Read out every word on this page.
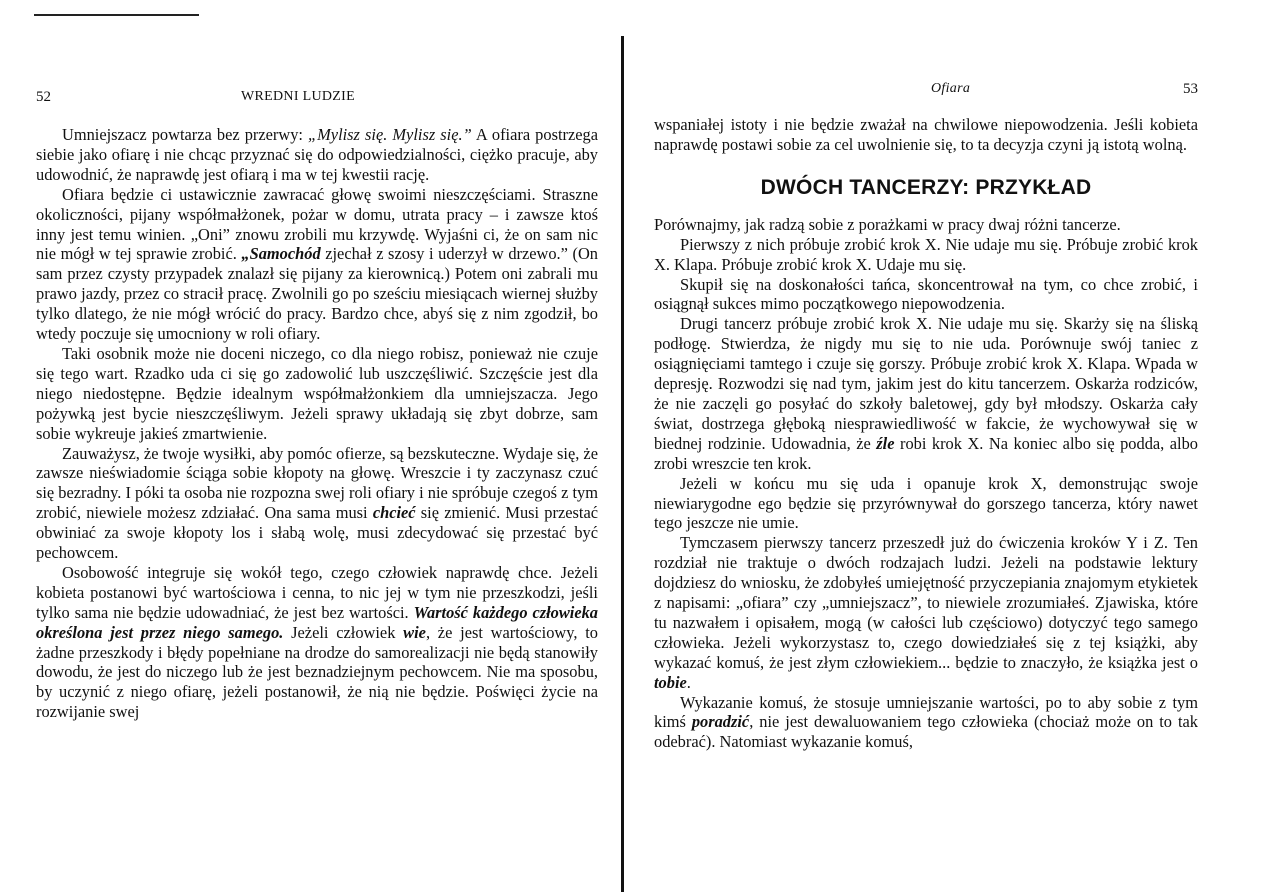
52	WREDNI LUDZIE

Umniejszacz powtarza bez przerwy: „Mylisz się. Mylisz się.” A ofiara postrzega siebie jako ofiarę i nie chcąc przyznać się do odpowiedzialności, ciężko pracuje, aby udowodnić, że naprawdę jest ofiarą i ma w tej kwestii rację.

Ofiara będzie ci ustawicznie zawracać głowę swoimi nieszczęściami. Straszne okoliczności, pijany współmałżonek, pożar w domu, utrata pracy – i zawsze ktoś inny jest temu winien. „Oni” znowu zrobili mu krzywdę. Wyjaśni ci, że on sam nic nie mógł w tej sprawie zrobić. „Samochód zjechał z szosy i uderzył w drzewo.” (On sam przez czysty przypadek znalazł się pijany za kierownicą.) Potem oni zabrali mu prawo jazdy, przez co stracił pracę. Zwolnili go po sześciu miesiącach wiernej służby tylko dlatego, że nie mógł wrócić do pracy. Bardzo chce, abyś się z nim zgodził, bo wtedy poczuje się umocniony w roli ofiary.

Taki osobnik może nie doceni niczego, co dla niego robisz, ponieważ nie czuje się tego wart. Rzadko uda ci się go zadowolić lub uszczęśliwić. Szczęście jest dla niego niedostępne. Będzie idealnym współmałżonkiem dla umniejszacza. Jego pożywką jest bycie nieszczęśliwym. Jeżeli sprawy układają się zbyt dobrze, sam sobie wykreuje jakieś zmartwienie.

Zauważysz, że twoje wysiłki, aby pomóc ofierze, są bezskuteczne. Wydaje się, że zawsze nieświadomie ściąga sobie kłopoty na głowę. Wreszcie i ty zaczynasz czuć się bezradny. I póki ta osoba nie rozpozna swej roli ofiary i nie spróbuje czegoś z tym zrobić, niewiele możesz zdziałać. Ona sama musi chcieć się zmienić. Musi przestać obwiniać za swoje kłopoty los i słabą wolę, musi zdecydować się przestać być pechowcem.

Osobowość integruje się wokół tego, czego człowiek naprawdę chce. Jeżeli kobieta postanowi być wartościowa i cenna, to nic jej w tym nie przeszkodzi, jeśli tylko sama nie będzie udowadniać, że jest bez wartości. Wartość każdego człowieka określona jest przez niego samego. Jeżeli człowiek wie, że jest wartościowy, to żadne przeszkody i błędy popełniane na drodze do samorealizacji nie będą stanowiły dowodu, że jest do niczego lub że jest beznadziejnym pechowcem. Nie ma sposobu, by uczynić z niego ofiarę, jeżeli postanowił, że nią nie będzie. Poświęci życie na rozwijanie swej

53
Ofiara

wspaniałej istoty i nie będzie zważał na chwilowe niepowodzenia. Jeśli kobieta naprawdę postawi sobie za cel uwolnienie się, to ta decyzja czyni ją istotą wolną.

DWÓCH TANCERZY: PRZYKŁAD

Porównajmy, jak radzą sobie z porażkami w pracy dwaj różni tancerze.

Pierwszy z nich próbuje zrobić krok X. Nie udaje mu się. Próbuje zrobić krok X. Klapa. Próbuje zrobić krok X. Udaje mu się.

Skupił się na doskonałości tańca, skoncentrował na tym, co chce zrobić, i osiągnął sukces mimo początkowego niepowodzenia.

Drugi tancerz próbuje zrobić krok X. Nie udaje mu się. Skarży się na śliską podłogę. Stwierdza, że nigdy mu się to nie uda. Porównuje swój taniec z osiągnięciami tamtego i czuje się gorszy. Próbuje zrobić krok X. Klapa. Wpada w depresję. Rozwodzi się nad tym, jakim jest do kitu tancerzem. Oskarża rodziców, że nie zaczęli go posyłać do szkoły baletowej, gdy był młodszy. Oskarża cały świat, dostrzega głęboką niesprawiedliwość w fakcie, że wychowywał się w biednej rodzinie. Udowadnia, że źle robi krok X. Na koniec albo się podda, albo zrobi wreszcie ten krok.

Jeżeli w końcu mu się uda i opanuje krok X, demonstrując swoje niewiarygodne ego będzie się przyrównywał do gorszego tancerza, który nawet tego jeszcze nie umie.

Tymczasem pierwszy tancerz przeszedł już do ćwiczenia kroków Y i Z. Ten rozdział nie traktuje o dwóch rodzajach ludzi. Jeżeli na podstawie lektury dojdziesz do wniosku, że zdobyłeś umiejętność przyczepiania znajomym etykietek z napisami: „ofiara” czy „umniejszacz”, to niewiele zrozumiałeś. Zjawiska, które tu nazwałem i opisałem, mogą (w całości lub częściowo) dotyczyć tego samego człowieka. Jeżeli wykorzystasz to, czego dowiedziałeś się z tej książki, aby wykazać komuś, że jest złym człowiekiem... będzie to znaczyło, że książka jest o tobie.

Wykazanie komuś, że stosuje umniejszanie wartości, po to aby sobie z tym kimś poradzić, nie jest dewaluowaniem tego człowieka (chociaż może on to tak odebrać). Natomiast wykazanie komuś,
